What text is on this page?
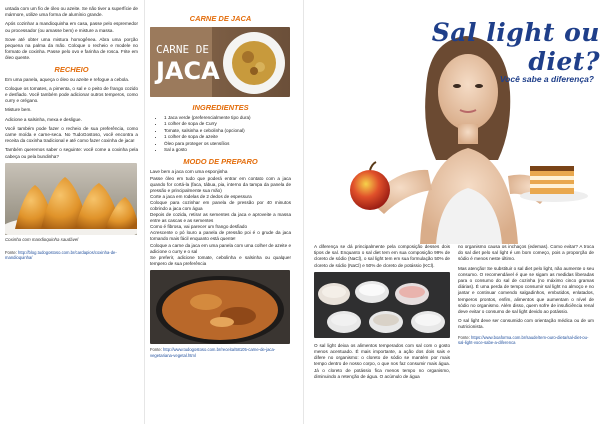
untada com um fio de óleo ou azeite. Se não tiver a superfície de mármore, utilize uma forma de alumínio grande.

Após cozinhar a mandioquinha em casa, passe pelo espremedor ou processador (ou amasse bem) e misture a massa.

Sove até obter uma mistura homogênea. Abra uma porção pequena na palma da mão. Coloque o recheio e modele no formato de coxinha. Passe pelo ovo e farinha de rosca. Frite em óleo quente.

RECHEIO

Em uma panela, aqueça o óleo ou azeite e refogue a cebola.

Coloque os tomates, a pimenta, o sal e o peito de frango cozido e desfiado. Você também pode adicionar outros temperos, como curry e orégano.

Misture bem.

Adicione a salsinha, mexa e desligue.

Você também pode fazer o recheio de sua preferência, como carne moída e carne-seca. No TudoGostoso, você encontra a receita da coxinha tradicional e até como fazer coxinha de jaca!

Também queremos saber o seguinte: você come a coxinha pela cabeça ou pela bundinha?

Coxinha com mandioquinha saudável
Fonte: http://blog.tudogostoso.com.br/cardapios/coxinha-de-mandioquinha/
CARNE DE JACA
CARNE DE
JACA
INGREDIENTES
• 1 Jaca verde (preferencialmente tipo dura)
• 1 colher de sopa de Curry
• Tomate, salsinha e cebolinha (opcional)
• 1 colher de sopa de azeite
• Óleo para proteger os utensílios
• Sal a gosto
MODO DE PREPARO
Lave bem a jaca com uma esponjinha
Passe óleo em tudo que poderá entrar em contato com a jaca quando for cortá-la (faca, tábua, pia, interno da tampa da panela de pressão e principalmente sua mão)
Corte a jaca em rodelas de 2 dedos de espessura
Coloque para cozinhar em panela de pressão por 40 minutos cobrindo a jaca com água
Depois de cozida, retirar as sementes da jaca e aproveite a massa entre as cascas e as sementes
Como é fibrosa, vai parecer um frango desfiado
Acrescente o pó louro a panela de pressão poi é o grude da jaca tornando mais fácil enquanto está quente!
Coloque a carne da jaca em uma panela com uma colher de azeite e adicione o curry e o sal
Se preferir, adicione tomate, cebolinha e salsinha ou qualquer tempero de sua preferência
Fonte: http://www.tudogostoso.com.br/receita/58105-carne-de-jaca-vegetariana-vegetal.html
Sal light ou diet?
Você sabe a diferença?

A diferença se dá principalmente pela composição desses dois tipos de sal. Enquanto o sal diet tem em sua composição 99% de cloreto de sódio (NaCl), o sal light tem em sua formulação 50% de cloreto de sódio (NaCl) e 50% de cloreto de potássio (KCl).

O sal light deixa os alimentos temperados com sal com o gosto menos acentuado. É mais importante, a ação dos dois sais e difere no organismo: o cloreto de sódio se mantém por mais tempo dentro de nosso corpo, o que nos faz consumir mais água. Já o cloreto de potássio fica menos tempo no organismo, diminuindo a retenção de água. O acúmulo de água

no organismo causa os inchaços (edemas). Como evitar? A troca do sal diet pelo sal light é um bom começo, pois a proporção de sódio é menos neste último.

Mas atenção! Se substituir o sal diet pelo light, não aumente o seu consumo. O recomendável é que se sigam as medidas liberadas para o consumo do sal de cozinha (no máximo cinco gramas diárias). É uma perda de tempo consumir sal light no almoço e no jantar e continuar comendo salgadinhos, embutidos, enlatados, temperos prontos, enfim, alimentos que aumentam o nível de sódio no organismo. Além disso, quem sofre de insuficiência renal deve evitar o consumo de sal light devido ao potássio.

O sal light deve ser consumido com orientação médica ou de um nutricionista.

Fonte: https://www.boaforma.com.br/saude/tem-ouro-dieta/sal-diet-ou-sal-light-voce-sabe-a-diferenca
